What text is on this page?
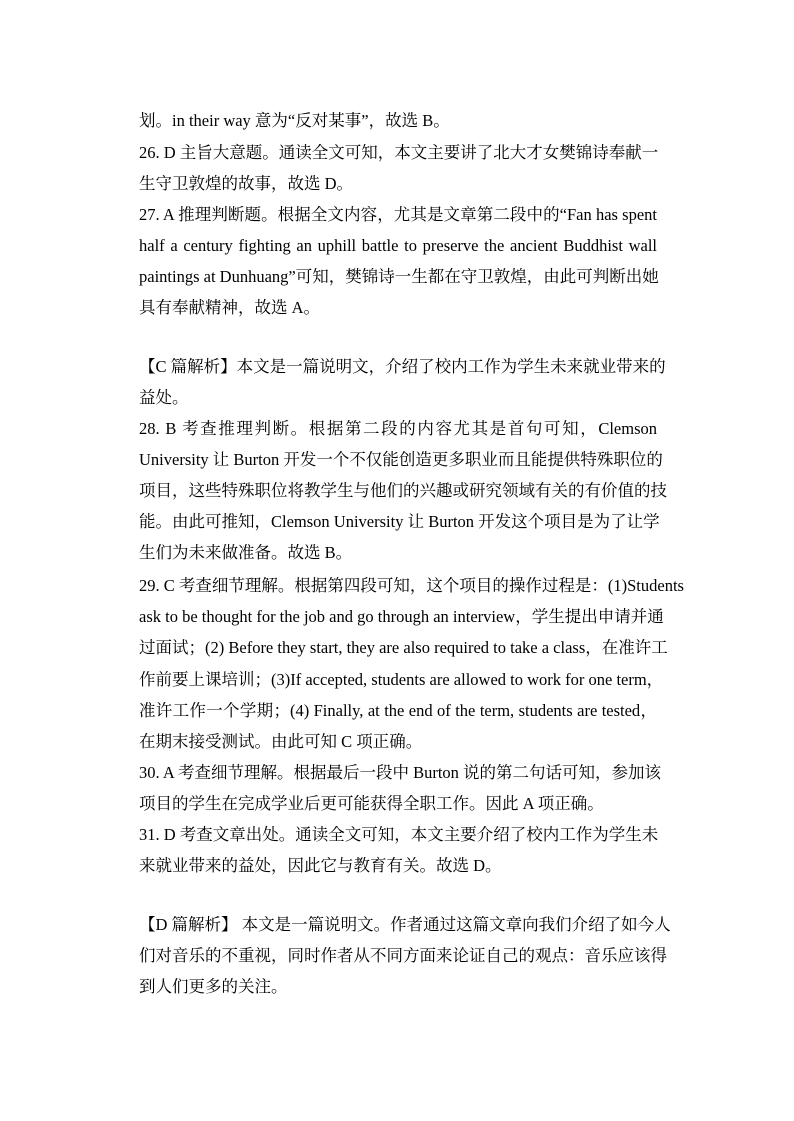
划。in their way 意为“反对某事”，故选 B。
26. D 主旨大意题。通读全文可知，本文主要讲了北大才女樊锦诗奉献一
生守卫敦煌的故事，故选 D。
27. A 推理判断题。根据全文内容，尤其是文章第二段中的“Fan has spent
half a century fighting an uphill battle to preserve the ancient Buddhist wall
paintings at Dunhuang”可知，樊锦诗一生都在守卫敦煌，由此可判断出她
具有奉献精神，故选 A。
【C 篇解析】本文是一篇说明文，介绍了校内工作为学生未来就业带来的
益处。
28. B 考查推理判断。根据第二段的内容尤其是首句可知，Clemson
University 让 Burton 开发一个不仅能创造更多职业而且能提供特殊职位的
项目，这些特殊职位将教学生与他们的兴趣或研究领域有关的有价值的技
能。由此可推知，Clemson University 让 Burton 开发这个项目是为了让学
生们为未来做准备。故选 B。
29. C 考查细节理解。根据第四段可知，这个项目的操作过程是：(1)Students
ask to be thought for the job and go through an interview，学生提出申请并通
过面试；(2) Before they start, they are also required to take a class，在准许工
作前要上课培训；(3)If accepted, students are allowed to work for one term，
准许工作一个学期；(4) Finally, at the end of the term, students are tested，
在期末接受测试。由此可知 C 项正确。
30. A 考查细节理解。根据最后一段中 Burton 说的第二句话可知，参加该
项目的学生在完成学业后更可能获得全职工作。因此 A 项正确。
31. D 考查文章出处。通读全文可知，本文主要介绍了校内工作为学生未
来就业带来的益处，因此它与教育有关。故选 D。
【D 篇解析】 本文是一篇说明文。作者通过这篇文章向我们介绍了如今人
们对音乐的不重视，同时作者从不同方面来论证自己的观点：音乐应该得
到人们更多的关注。
